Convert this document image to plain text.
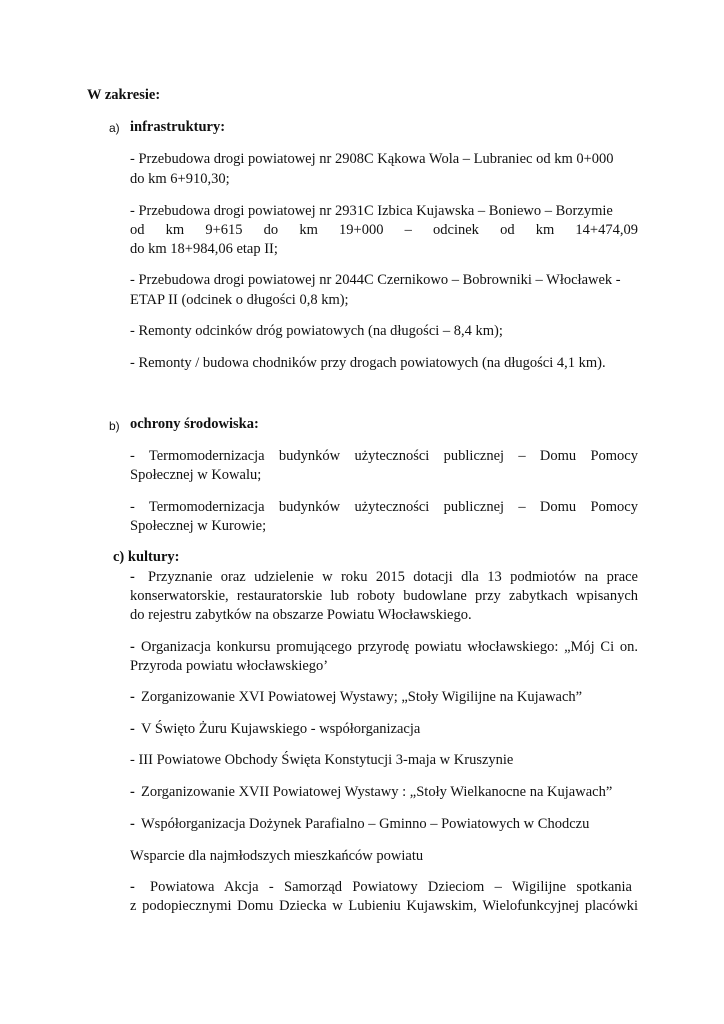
W zakresie:
a) infrastruktury:
- Przebudowa drogi powiatowej nr 2908C Kąkowa Wola – Lubraniec od km 0+000
do km 6+910,30;
- Przebudowa drogi powiatowej nr 2931C Izbica Kujawska – Boniewo – Borzymie
od km 9+615 do km 19+000 – odcinek od km 14+474,09
do km 18+984,06 etap II;
- Przebudowa drogi powiatowej nr 2044C Czernikowo – Bobrowniki – Włocławek -
ETAP II (odcinek o długości 0,8 km);
- Remonty odcinków dróg powiatowych (na długości – 8,4 km);
- Remonty / budowa chodników przy drogach powiatowych (na długości 4,1 km).
b) ochrony środowiska:
- Termomodernizacja budynków użyteczności publicznej – Domu Pomocy
Społecznej w Kowalu;
- Termomodernizacja budynków użyteczności publicznej – Domu Pomocy
Społecznej w Kurowie;
c) kultury:
- Przyznanie oraz udzielenie w roku 2015 dotacji dla 13 podmiotów na prace
konserwatorskie, restauratorskie lub roboty budowlane przy zabytkach wpisanych
do rejestru zabytków na obszarze Powiatu Włocławskiego.
- Organizacja konkursu promującego przyrodę powiatu włocławskiego: „Mój Ci on.
Przyroda powiatu włocławskiego’
- Zorganizowanie XVI Powiatowej Wystawy; „Stoły Wigilijne na Kujawach”
- V Święto Żuru Kujawskiego - współorganizacja
- III Powiatowe Obchody Święta Konstytucji 3-maja w Kruszynie
- Zorganizowanie XVII Powiatowej Wystawy : „Stoły Wielkanocne na Kujawach”
- Współorganizacja Dożynek Parafialno – Gminno – Powiatowych w Chodczu
Wsparcie dla najmłodszych mieszkańców powiatu
- Powiatowa Akcja - Samorząd Powiatowy Dzieciom – Wigilijne spotkania
z podopiecznymi Domu Dziecka w Lubieniu Kujawskim, Wielofunkcyjnej placówki
